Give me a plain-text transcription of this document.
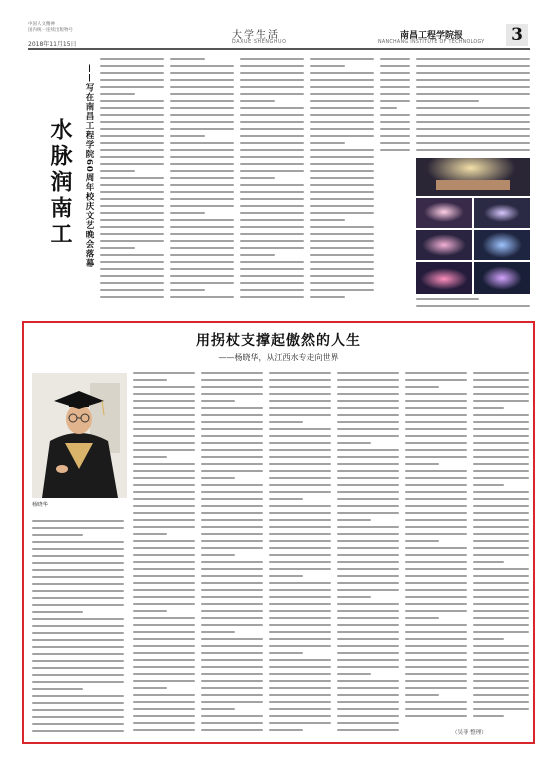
中国人文精神
国内统一连续出版物号
2018年11月15日
大学生活
DAXUE SHENGHUO
南昌工程学院报
NANCHANG INSTITUTE OF TECHNOLOGY 3
水脉润南工	——写在南昌工程学院60周年校庆文艺晚会落幕
用拐杖支撑起傲然的人生
——杨晓华，从江西水专走向世界
杨晓华
（吴菲 整理）
